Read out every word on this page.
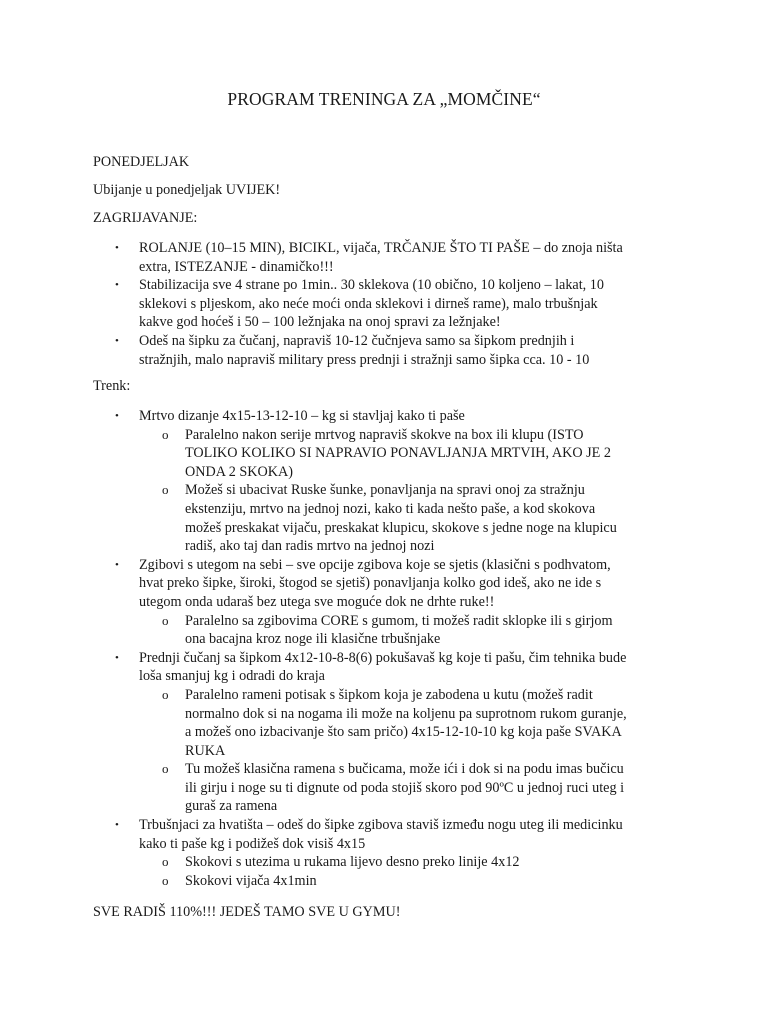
PROGRAM TRENINGA ZA „MOMČINE“
PONEDJELJAK
Ubijanje u ponedjeljak UVIJEK!
ZAGRIJAVANJE:
• ROLANJE (10–15 MIN), BICIKL, vijača, TRČANJE ŠTO TI PAŠE – do znoja ništa
extra, ISTEZANJE - dinamičko!!!
• Stabilizacija sve 4 strane po 1min.. 30 sklekova (10 obično, 10 koljeno – lakat, 10
sklekovi s pljeskom, ako neće moći onda sklekovi i dirneš rame), malo trbušnjak
kakve god hoćeš i 50 – 100 ležnjaka na onoj spravi za ležnjake!
• Odeš na šipku za čučanj, napraviš 10-12 čučnjeva samo sa šipkom prednjih i
stražnjih, malo napraviš military press prednji i stražnji samo šipka cca. 10 - 10
Trenk:
• Mrtvo dizanje 4x15-13-12-10 – kg si stavljaj kako ti paše
o Paralelno nakon serije mrtvog napraviš skokve na box ili klupu (ISTO
TOLIKO KOLIKO SI NAPRAVIO PONAVLJANJA MRTVIH, AKO JE 2
ONDA 2 SKOKA)
o Možeš si ubacivat Ruske šunke, ponavljanja na spravi onoj za stražnju
ekstenziju, mrtvo na jednoj nozi, kako ti kada nešto paše, a kod skokova
možeš preskakat vijaču, preskakat klupicu, skokove s jedne noge na klupicu
radiš, ako taj dan radis mrtvo na jednoj nozi
• Zgibovi s utegom na sebi – sve opcije zgibova koje se sjetis (klasični s podhvatom,
hvat preko šipke, široki, štogod se sjetiš) ponavljanja kolko god ideš, ako ne ide s
utegom onda udaraš bez utega sve moguće dok ne drhte ruke!!
o Paralelno sa zgibovima CORE s gumom, ti možeš radit sklopke ili s girjom
ona bacajna kroz noge ili klasične trbušnjake
• Prednji čučanj sa šipkom 4x12-10-8-8(6) pokušavaš kg koje ti pašu, čim tehnika bude
loša smanjuj kg i odradi do kraja
o Paralelno rameni potisak s šipkom koja je zabodena u kutu (možeš radit
normalno dok si na nogama ili može na koljenu pa suprotnom rukom guranje,
a možeš ono izbacivanje što sam pričo) 4x15-12-10-10 kg koja paše SVAKA
RUKA
o Tu možeš klasična ramena s bučicama, može ići i dok si na podu imas bučicu
ili girju i noge su ti dignute od poda stojiš skoro pod 90ºC u jednoj ruci uteg i
guraš za ramena
• Trbušnjaci za hvatišta – odeš do šipke zgibova staviš između nogu uteg ili medicinku
kako ti paše kg i podižeš dok visiš 4x15
o Skokovi s utezima u rukama lijevo desno preko linije 4x12
o Skokovi vijača 4x1min
SVE RADIŠ 110%!!! JEDEŠ TAMO SVE U GYMU!
